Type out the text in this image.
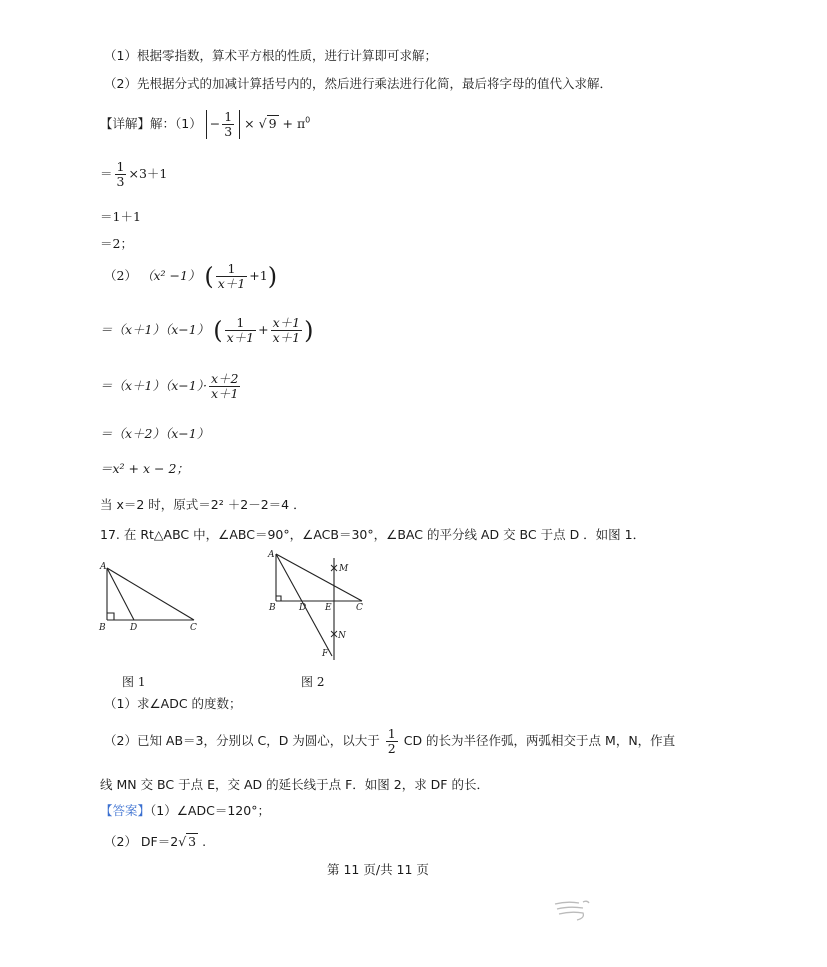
（1）根据零指数，算术平方根的性质，进行计算即可求解；
（2）先根据分式的加减计算括号内的，然后进行乘法进行化简，最后将字母的值代入求解．
【详解】解：$(1) - \frac{1}{3}$ × √ $9 + \pi^0$
＝ $\frac{1}{3} \times 3+1$
＝1＋1
＝2；
（2） （x² −1） ( $\frac{1}{x+1} +1$)
＝（x＋1）（x−1） ( $\frac{1}{x+1} + \frac{x+1}{x+1}$ )
$=(x+1)(x-1)\cdot \frac{x+2}{x+1}$
＝（x＋2）（x−1）
＝x² + x − 2；
当 x＝2 时，原式＝2² ＋2－2＝4 ．
17. 在 Rt△ABC 中，∠ABC＝90°，∠ACB＝30°，∠BAC 的平分线 AD 交 BC 于点 D ．如图 1．
A
B	D	C
A
M
B	D E	C
N
F
图 1	图 2
（1）求∠ADC 的度数；
（2）已知 AB＝3，分别以 C，D 为圆心，以大于 $\frac{1}{2}$ CD 的长为半径作弧，两弧相交于点 M，N，作直
线 MN 交 BC 于点 E，交 AD 的延长线于点 F．如图 2，求 DF 的长．
【答案】（1）∠ADC＝120°；
（2） DF＝2√ 3 .
第 11 页/共 11 页
